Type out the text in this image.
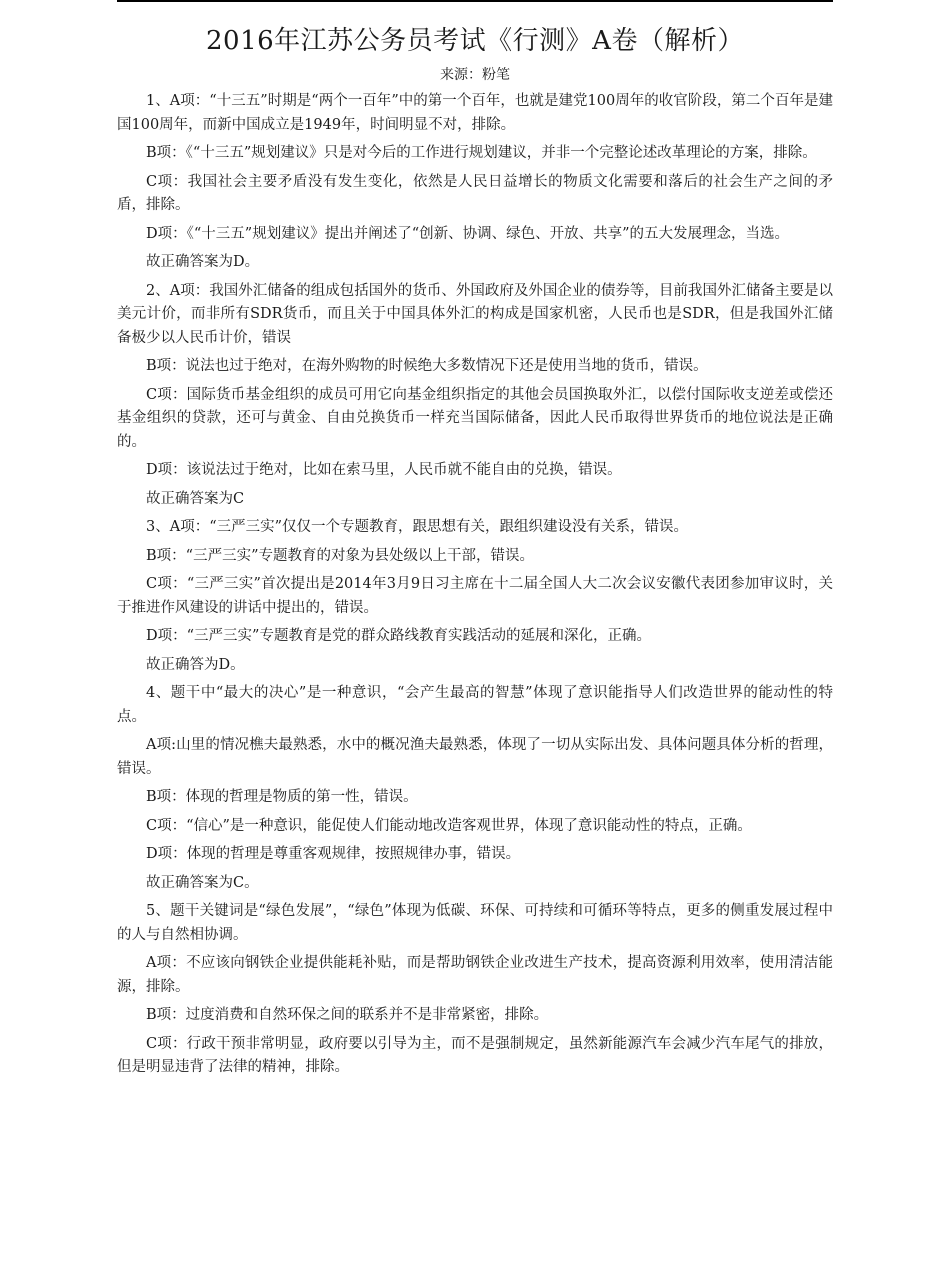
2016年江苏公务员考试《行测》A卷（解析）
来源：粉笔

1、A项：“十三五”时期是“两个一百年”中的第一个百年，也就是建党100周年的收官阶段，第二个百年是建国100周年，而新中国成立是1949年，时间明显不对，排除。

B项：《“十三五”规划建议》只是对今后的工作进行规划建议，并非一个完整论述改革理论的方案，排除。

C项：我国社会主要矛盾没有发生变化，依然是人民日益增长的物质文化需要和落后的社会生产之间的矛盾，排除。

D项：《“十三五”规划建议》提出并阐述了“创新、协调、绿色、开放、共享”的五大发展理念，当选。

故正确答案为D。

2、A项：我国外汇储备的组成包括国外的货币、外国政府及外国企业的债券等，目前我国外汇储备主要是以美元计价，而非所有SDR货币，而且关于中国具体外汇的构成是国家机密，人民币也是SDR，但是我国外汇储备极少以人民币计价，错误

B项：说法也过于绝对，在海外购物的时候绝大多数情况下还是使用当地的货币，错误。

C项：国际货币基金组织的成员可用它向基金组织指定的其他会员国换取外汇，以偿付国际收支逆差或偿还基金组织的贷款，还可与黄金、自由兑换货币一样充当国际储备，因此人民币取得世界货币的地位说法是正确的。

D项：该说法过于绝对，比如在索马里，人民币就不能自由的兑换，错误。

故正确答案为C

3、A项：“三严三实”仅仅一个专题教育，跟思想有关，跟组织建设没有关系，错误。

B项：“三严三实”专题教育的对象为县处级以上干部，错误。

C项：“三严三实”首次提出是2014年3月9日习主席在十二届全国人大二次会议安徽代表团参加审议时，关于推进作风建设的讲话中提出的，错误。

D项：“三严三实”专题教育是党的群众路线教育实践活动的延展和深化，正确。

故正确答为D。

4、题干中“最大的决心”是一种意识，“会产生最高的智慧”体现了意识能指导人们改造世界的能动性的特点。

A项:山里的情况樵夫最熟悉，水中的概况渔夫最熟悉，体现了一切从实际出发、具体问题具体分析的哲理，错误。

B项：体现的哲理是物质的第一性，错误。

C项：“信心”是一种意识，能促使人们能动地改造客观世界，体现了意识能动性的特点，正确。

D项：体现的哲理是尊重客观规律，按照规律办事，错误。

故正确答案为C。

5、题干关键词是“绿色发展”，“绿色”体现为低碳、环保、可持续和可循环等特点，更多的侧重发展过程中的人与自然相协调。

A项：不应该向钢铁企业提供能耗补贴，而是帮助钢铁企业改进生产技术，提高资源利用效率，使用清洁能源，排除。

B项：过度消费和自然环保之间的联系并不是非常紧密，排除。

C项：行政干预非常明显，政府要以引导为主，而不是强制规定，虽然新能源汽车会减少汽车尾气的排放，但是明显违背了法律的精神，排除。
